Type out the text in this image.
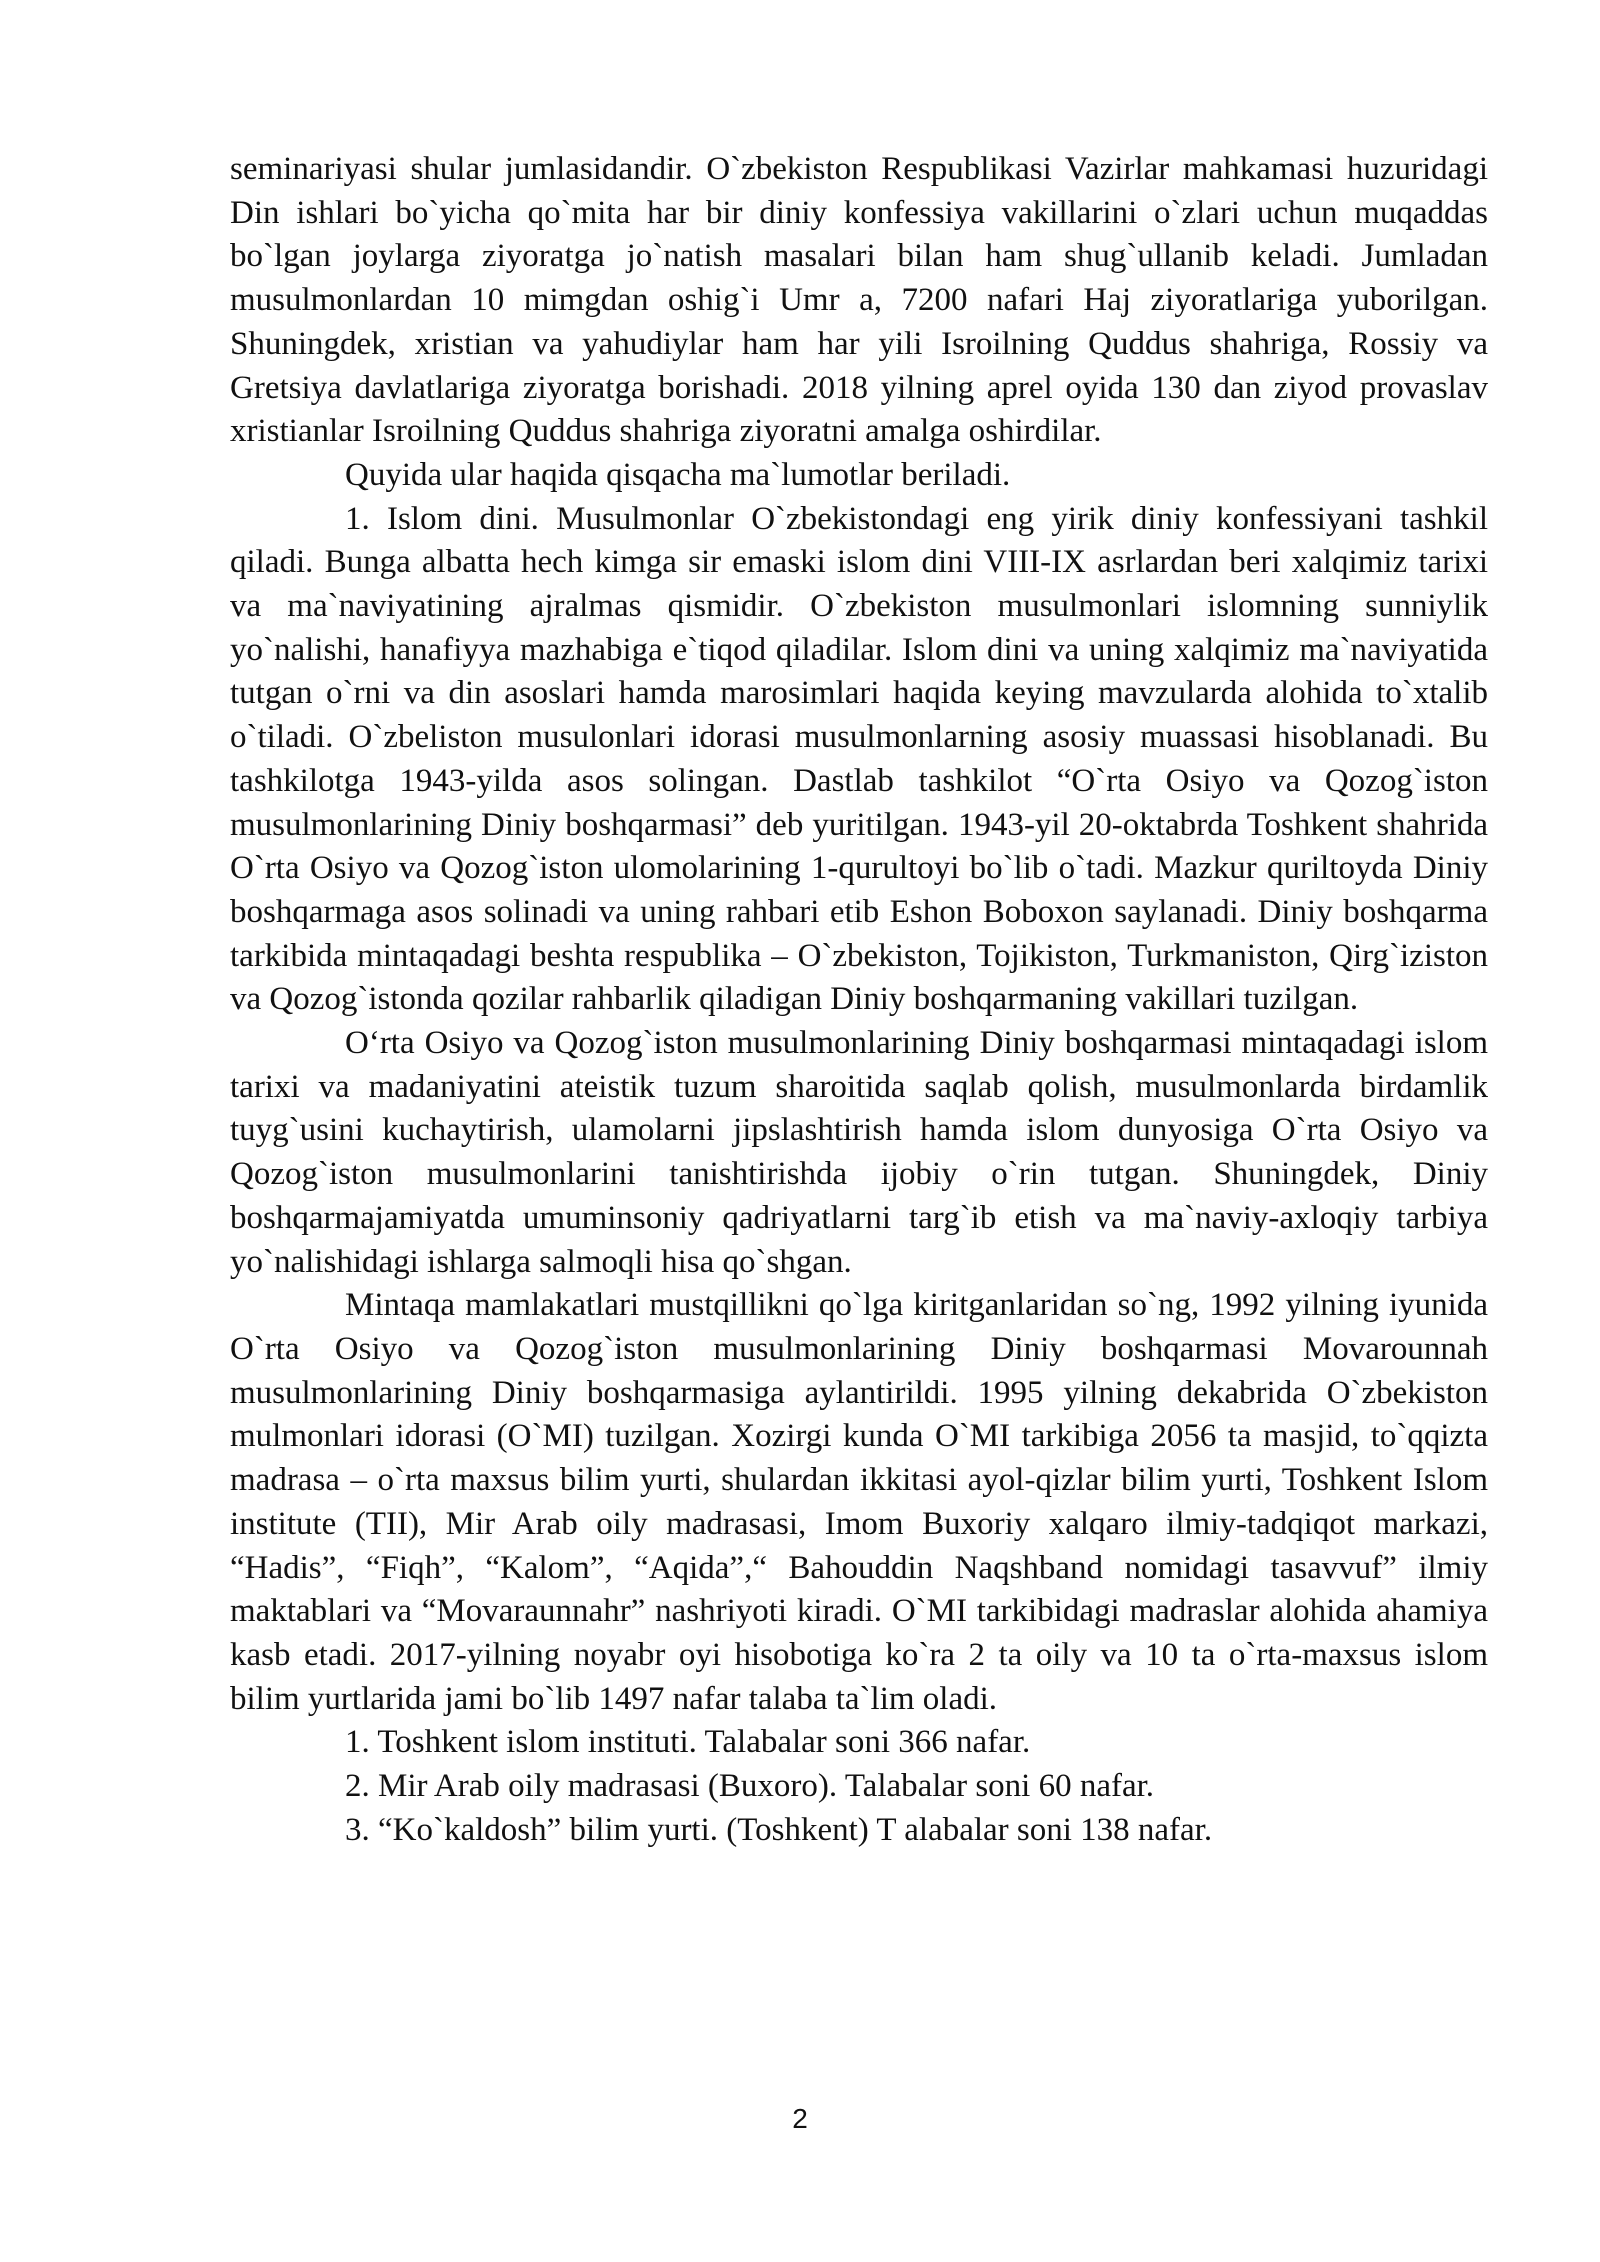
seminariyasi shular jumlasidandir. O`zbekiston Respublikasi Vazirlar mahkamasi huzuridagi Din ishlari bo`yicha qo`mita har bir diniy konfessiya vakillarini o`zlari uchun muqaddas bo`lgan joylarga ziyoratga jo`natish masalari bilan ham shug`ullanib keladi. Jumladan musulmonlardan 10 mimgdan oshig`i Umr a, 7200 nafari Haj ziyoratlariga yuborilgan. Shuningdek, xristian va yahudiylar ham har yili Isroilning Quddus shahriga, Rossiy va Gretsiya davlatlariga ziyoratga borishadi. 2018 yilning aprel oyida 130 dan ziyod provaslav xristianlar Isroilning Quddus shahriga ziyoratni amalga oshirdilar.

Quyida ular haqida qisqacha ma`lumotlar beriladi.

1. Islom dini. Musulmonlar O`zbekistondagi eng yirik diniy konfessiyani tashkil qiladi. Bunga albatta hech kimga sir emaski islom dini VIII-IX asrlardan beri xalqimiz tarixi va ma`naviyatining ajralmas qismidir. O`zbekiston musulmonlari islomning sunniylik yo`nalishi, hanafiyya mazhabiga e`tiqod qiladilar. Islom dini va uning xalqimiz ma`naviyatida tutgan o`rni va din asoslari hamda marosimlari haqida keying mavzularda alohida to`xtalib o`tiladi. O`zbeliston musulonlari idorasi musulmonlarning asosiy muassasi hisoblanadi. Bu tashkilotga 1943-yilda asos solingan. Dastlab tashkilot “O`rta Osiyo va Qozog`iston musulmonlarining Diniy boshqarmasi” deb yuritilgan. 1943-yil 20-oktabrda Toshkent shahrida O`rta Osiyo va Qozog`iston ulomolarining 1-qurultoyi bo`lib o`tadi. Mazkur quriltoyda Diniy boshqarmaga asos solinadi va uning rahbari etib Eshon Boboxon saylanadi. Diniy boshqarma tarkibida mintaqadagi beshta respublika – O`zbekiston, Tojikiston, Turkmaniston, Qirg`iziston va Qozog`istonda qozilar rahbarlik qiladigan Diniy boshqarmaning vakillari tuzilgan.

O‘rta Osiyo va Qozog`iston musulmonlarining Diniy boshqarmasi mintaqadagi islom tarixi va madaniyatini ateistik tuzum sharoitida saqlab qolish, musulmonlarda birdamlik tuyg`usini kuchaytirish, ulamolarni jipslashtirish hamda islom dunyosiga O`rta Osiyo va Qozog`iston musulmonlarini tanishtirishda ijobiy o`rin tutgan. Shuningdek, Diniy boshqarmajamiyatda umuminsoniy qadriyatlarni targ`ib etish va ma`naviy-axloqiy tarbiya yo`nalishidagi ishlarga salmoqli hisa qo`shgan.

Mintaqa mamlakatlari mustqillikni qo`lga kiritganlaridan so`ng, 1992 yilning iyunida O`rta Osiyo va Qozog`iston musulmonlarining Diniy boshqarmasi Movarounnah musulmonlarining Diniy boshqarmasiga aylantirildi. 1995 yilning dekabrida O`zbekiston mulmonlari idorasi (O`MI) tuzilgan. Xozirgi kunda O`MI tarkibiga 2056 ta masjid, to`qqizta madrasa – o`rta maxsus bilim yurti, shulardan ikkitasi ayol-qizlar bilim yurti, Toshkent Islom institute (TII), Mir Arab oily madrasasi, Imom Buxoriy xalqaro ilmiy-tadqiqot markazi, “Hadis”, “Fiqh”, “Kalom”, “Aqida”,“ Bahouddin Naqshband nomidagi tasavvuf” ilmiy maktablari va “Movaraunnahr” nashriyoti kiradi. O`MI tarkibidagi madraslar alohida ahamiya kasb etadi. 2017-yilning noyabr oyi hisobotiga ko`ra 2 ta oily va 10 ta o`rta-maxsus islom bilim yurtlarida jami bo`lib 1497 nafar talaba ta`lim oladi.

1. Toshkent islom instituti. Talabalar soni 366 nafar.

2. Mir Arab oily madrasasi (Buxoro). Talabalar soni 60 nafar.

3. “Ko`kaldosh” bilim yurti. (Toshkent) T alabalar soni 138 nafar.

2
